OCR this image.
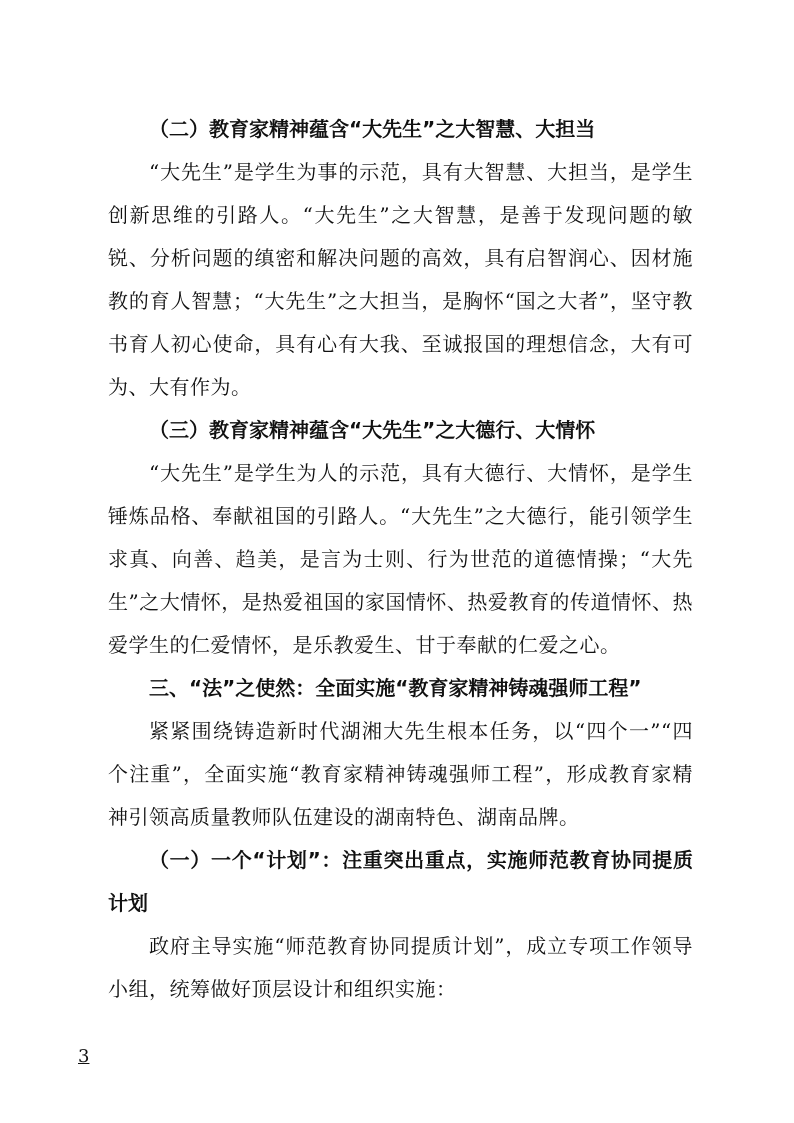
（二）教育家精神蕴含“大先生”之大智慧、大担当

“大先生”是学生为事的示范，具有大智慧、大担当，是学生创新思维的引路人。“大先生”之大智慧，是善于发现问题的敏锐、分析问题的缜密和解决问题的高效，具有启智润心、因材施教的育人智慧；“大先生”之大担当，是胸怀“国之大者”，坚守教书育人初心使命，具有心有大我、至诚报国的理想信念，大有可为、大有作为。

（三）教育家精神蕴含“大先生”之大德行、大情怀

“大先生”是学生为人的示范，具有大德行、大情怀，是学生锤炼品格、奉献祖国的引路人。“大先生”之大德行，能引领学生求真、向善、趋美，是言为士则、行为世范的道德情操；“大先生”之大情怀，是热爱祖国的家国情怀、热爱教育的传道情怀、热爱学生的仁爱情怀，是乐教爱生、甘于奉献的仁爱之心。

三、“法”之使然：全面实施“教育家精神铸魂强师工程”

紧紧围绕铸造新时代湖湘大先生根本任务，以“四个一”“四个注重”，全面实施“教育家精神铸魂强师工程”，形成教育家精神引领高质量教师队伍建设的湖南特色、湖南品牌。

（一）一个“计划”：注重突出重点，实施师范教育协同提质计划

政府主导实施“师范教育协同提质计划”，成立专项工作领导小组，统筹做好顶层设计和组织实施：

3
